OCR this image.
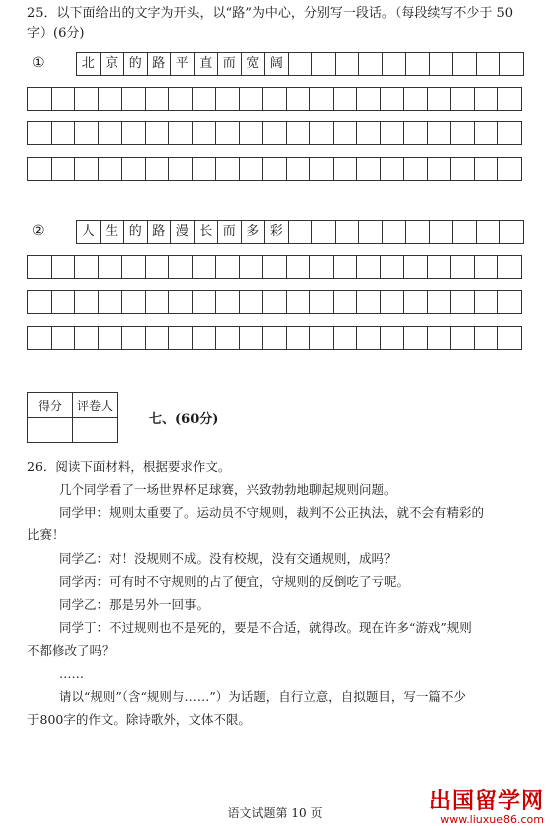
25．以下面给出的文字为开头，以“路”为中心，分别写一段话。（每段续写不少于 50
字）(6分)
①	北 京 的 路 平 直 而 宽 阔
②	人 生 的 路 漫 长 而 多 彩
得分	评卷人

七、(60分)
26．阅读下面材料，根据要求作文。
几个同学看了一场世界杯足球赛，兴致勃勃地聊起规则问题。
同学甲：规则太重要了。运动员不守规则，裁判不公正执法，就不会有精彩的
比赛！
同学乙：对！没规则不成。没有校规，没有交通规则，成吗？
同学丙：可有时不守规则的占了便宜，守规则的反倒吃了亏呢。
同学乙：那是另外一回事。
同学丁：不过规则也不是死的，要是不合适，就得改。现在许多“游戏”规则
不都修改了吗？
……
请以“规则”（含“规则与……”）为话题，自行立意，自拟题目，写一篇不少
于800字的作文。除诗歌外，文体不限。
语文试题第 10 页	出国留学网
www.liuxue86.com
